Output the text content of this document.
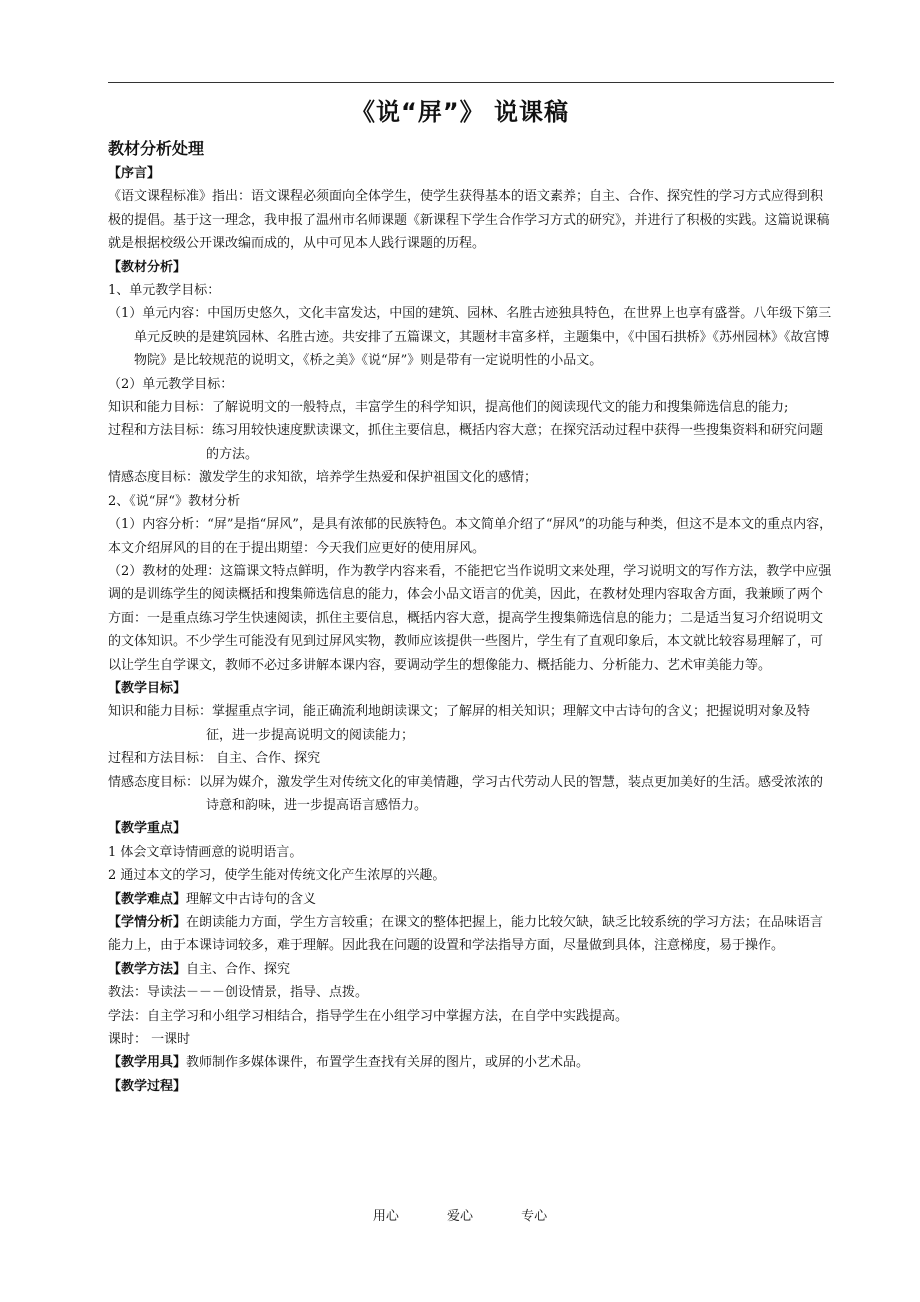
《说“屏”》 说课稿

教材分析处理

【序言】

《语文课程标准》指出：语文课程必须面向全体学生，使学生获得基本的语文素养；自主、合作、探究性的学习方式应得到积极的提倡。基于这一理念，我申报了温州市名师课题《新课程下学生合作学习方式的研究》，并进行了积极的实践。这篇说课稿就是根据校级公开课改编而成的，从中可见本人践行课题的历程。

【教材分析】

1、单元教学目标：

（1）单元内容：中国历史悠久，文化丰富发达，中国的建筑、园林、名胜古迹独具特色，在世界上也享有盛誉。八年级下第三单元反映的是建筑园林、名胜古迹。共安排了五篇课文，其题材丰富多样，主题集中，《中国石拱桥》《苏州园林》《故宫博物院》是比较规范的说明文，《桥之美》《说“屏”》则是带有一定说明性的小品文。

（2）单元教学目标：

知识和能力目标：了解说明文的一般特点，丰富学生的科学知识，提高他们的阅读现代文的能力和搜集筛选信息的能力;

过程和方法目标：练习用较快速度默读课文，抓住主要信息，概括内容大意；在探究活动过程中获得一些搜集资料和研究问题的方法。

情感态度目标：激发学生的求知欲，培养学生热爱和保护祖国文化的感情；

2、《说“屏“》教材分析

（1）内容分析：“屏”是指“屏风”，是具有浓郁的民族特色。本文简单介绍了“屏风”的功能与种类，但这不是本文的重点内容，本文介绍屏风的目的在于提出期望：今天我们应更好的使用屏风。

（2）教材的处理：这篇课文特点鲜明，作为教学内容来看，不能把它当作说明文来处理，学习说明文的写作方法，教学中应强调的是训练学生的阅读概括和搜集筛选信息的能力，体会小品文语言的优美，因此，在教材处理内容取舍方面，我兼顾了两个方面：一是重点练习学生快速阅读，抓住主要信息，概括内容大意，提高学生搜集筛选信息的能力；二是适当复习介绍说明文的文体知识。不少学生可能没有见到过屏风实物，教师应该提供一些图片，学生有了直观印象后，本文就比较容易理解了，可以让学生自学课文，教师不必过多讲解本课内容，要调动学生的想像能力、概括能力、分析能力、艺术审美能力等。

【教学目标】

知识和能力目标：掌握重点字词，能正确流利地朗读课文；了解屏的相关知识；理解文中古诗句的含义；把握说明对象及特征，进一步提高说明文的阅读能力；

过程和方法目标： 自主、合作、探究

情感态度目标：以屏为媒介，激发学生对传统文化的审美情趣，学习古代劳动人民的智慧，装点更加美好的生活。感受浓浓的诗意和韵味，进一步提高语言感悟力。

【教学重点】

1 体会文章诗情画意的说明语言。

2 通过本文的学习，使学生能对传统文化产生浓厚的兴趣。

【教学难点】理解文中古诗句的含义

【学情分析】在朗读能力方面，学生方言较重；在课文的整体把握上，能力比较欠缺，缺乏比较系统的学习方法；在品味语言能力上，由于本课诗词较多，难于理解。因此我在问题的设置和学法指导方面，尽量做到具体，注意梯度，易于操作。

【教学方法】自主、合作、探究

教法：导读法－－－创设情景，指导、点拨。

学法：自主学习和小组学习相结合，指导学生在小组学习中掌握方法，在自学中实践提高。

课时： 一课时

【教学用具】教师制作多媒体课件，布置学生查找有关屏的图片，或屏的小艺术品。

【教学过程】

用心	爱心	专心
